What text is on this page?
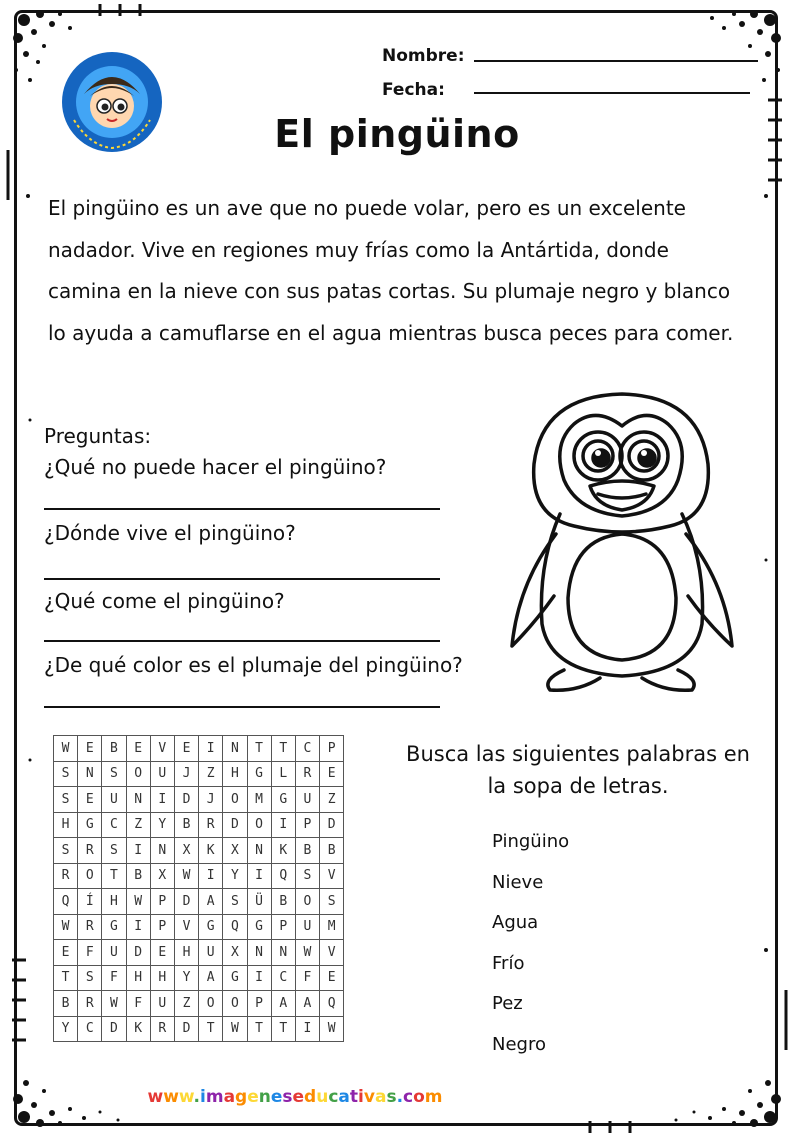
Nombre:
Fecha:
El pingüino
El pingüino es un ave que no puede volar, pero es un excelente nadador. Vive en regiones muy frías como la Antártida, donde camina en la nieve con sus patas cortas. Su plumaje negro y blanco lo ayuda a camuflarse en el agua mientras busca peces para comer.
Preguntas:
¿Qué no puede hacer el pingüino?
¿Dónde vive el pingüino?
¿Qué come el pingüino?
¿De qué color es el plumaje del pingüino?
W	E	B	E	V	E	I	N	T	T	C	P
S	N	S	O	U	J	Z	H	G	L	R	E
S	E	U	N	I	D	J	O	M	G	U	Z
H	G	C	Z	Y	B	R	D	O	I	P	D
S	R	S	I	N	X	K	X	N	K	B	B
R	O	T	B	X	W	I	Y	I	Q	S	V
Q	Í	H	W	P	D	A	S	Ü	B	O	S
W	R	G	I	P	V	G	Q	G	P	U	M
E	F	U	D	E	H	U	X	N	N	W	V
T	S	F	H	H	Y	A	G	I	C	F	E
B	R	W	F	U	Z	O	O	P	A	A	Q
Y	C	D	K	R	D	T	W	T	T	I	W
Busca las siguientes palabras en la sopa de letras.
Pingüino
Nieve
Agua
Frío
Pez
Negro
www.imageneseducativas.com
